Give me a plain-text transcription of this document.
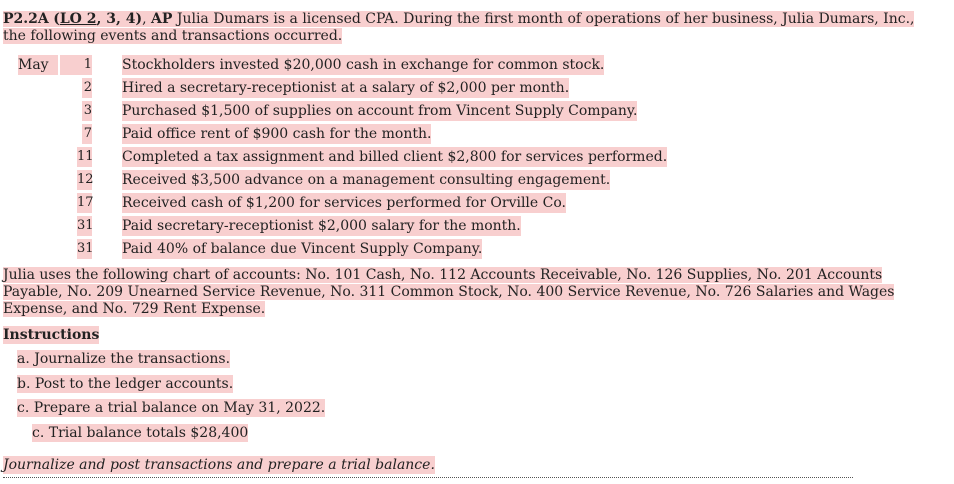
P2.2A (LO 2, 3, 4), AP Julia Dumars is a licensed CPA. During the first month of operations of her business, Julia Dumars, Inc., the following events and transactions occurred.
May	1 Stockholders invested $20,000 cash in exchange for common stock.
2 Hired a secretary-receptionist at a salary of $2,000 per month.
3 Purchased $1,500 of supplies on account from Vincent Supply Company.
7 Paid office rent of $900 cash for the month.
11 Completed a tax assignment and billed client $2,800 for services performed.
12 Received $3,500 advance on a management consulting engagement.
17 Received cash of $1,200 for services performed for Orville Co.
31 Paid secretary-receptionist $2,000 salary for the month.
31 Paid 40% of balance due Vincent Supply Company.
Julia uses the following chart of accounts: No. 101 Cash, No. 112 Accounts Receivable, No. 126 Supplies, No. 201 Accounts Payable, No. 209 Unearned Service Revenue, No. 311 Common Stock, No. 400 Service Revenue, No. 726 Salaries and Wages Expense, and No. 729 Rent Expense.
Instructions
a. Journalize the transactions.
b. Post to the ledger accounts.
c. Prepare a trial balance on May 31, 2022.
c. Trial balance totals $28,400
Journalize and post transactions and prepare a trial balance.
